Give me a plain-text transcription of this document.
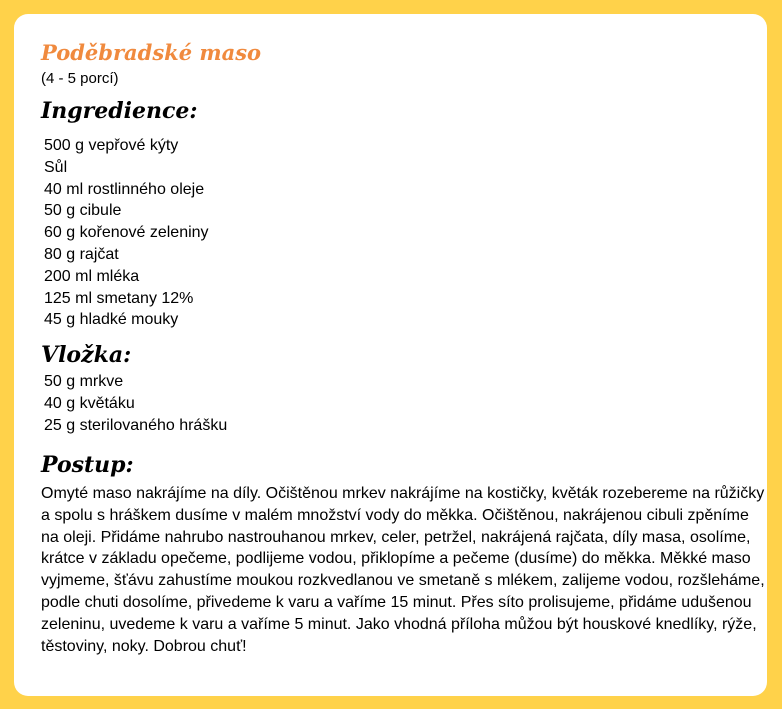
Poděbradské maso
(4 - 5 porcí)
Ingredience:
500 g vepřové kýty
Sůl
40 ml rostlinného oleje
50 g cibule
60 g kořenové zeleniny
80 g rajčat
200 ml mléka
125 ml smetany 12%
45 g hladké mouky
Vložka:
50 g mrkve
40 g květáku
25 g sterilovaného hrášku
Postup:

Omyté maso nakrájíme na díly. Očištěnou mrkev nakrájíme na kostičky, květák rozebereme na růžičky a spolu s hráškem dusíme v malém množství vody do měkka. Očištěnou, nakrájenou cibuli zpěníme na oleji. Přidáme nahrubo nastrouhanou mrkev, celer, petržel, nakrájená rajčata, díly masa, osolíme, krátce v základu opečeme, podlijeme vodou, přiklopíme a pečeme (dusíme) do měkka. Měkké maso vyjmeme, šťávu zahustíme moukou rozkvedlanou ve smetaně s mlékem, zalijeme vodou, rozšleháme, podle chuti dosolíme, přivedeme k varu a vaříme 15 minut. Přes síto prolisujeme, přidáme udušenou zeleninu, uvedeme k varu a vaříme 5 minut. Jako vhodná příloha můžou být houskové knedlíky, rýže, těstoviny, noky. Dobrou chuť!
